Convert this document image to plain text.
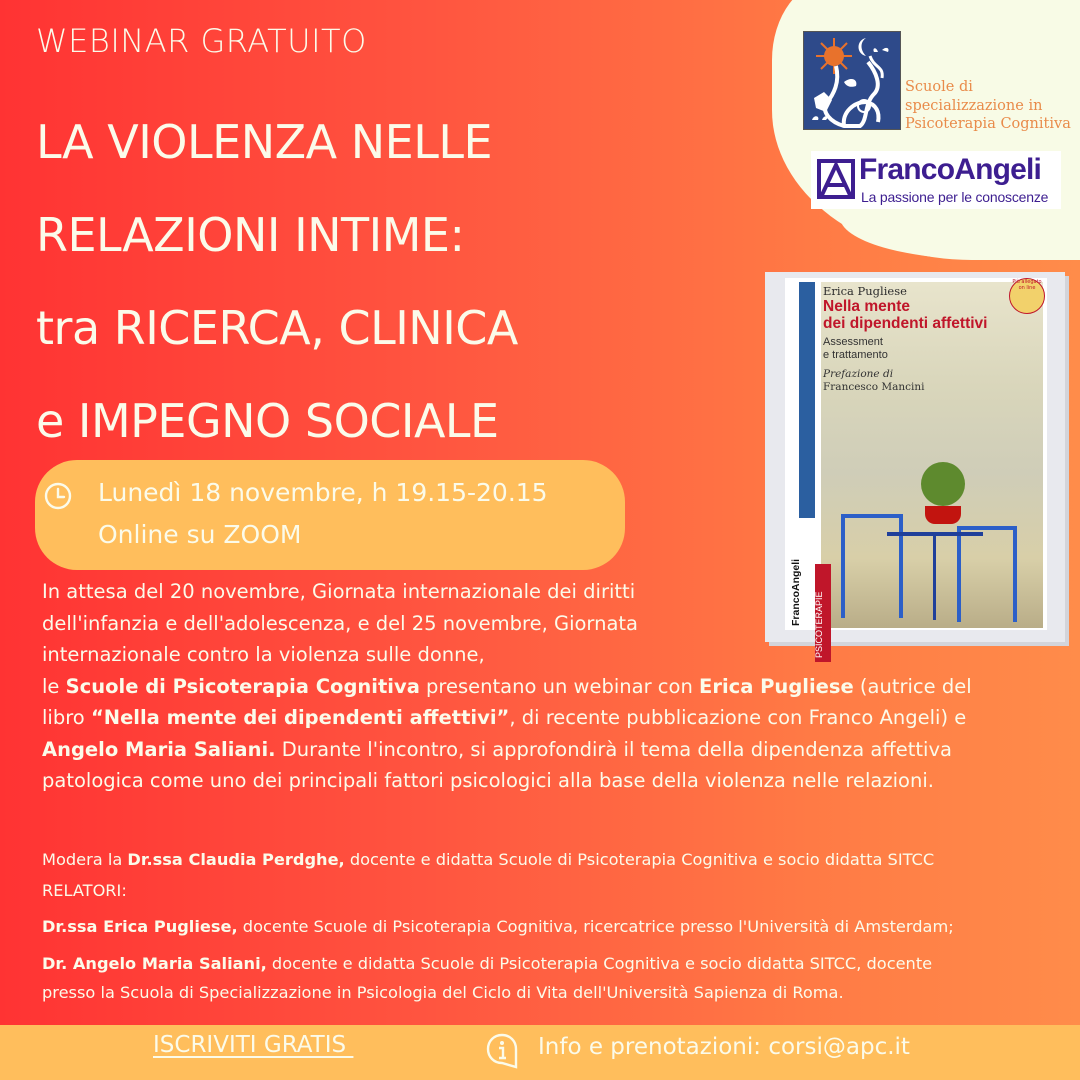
WEBINAR GRATUITO
LA VIOLENZA NELLE
RELAZIONI INTIME:
tra RICERCA, CLINICA
e IMPEGNO SOCIALE
Scuole di
specializzazione in
Psicoterapia Cognitiva
FrancoAngeli
La passione per le conoscenze
Erica Pugliese
Nella mente
dei dipendenti affettivi
Assessment
e trattamento
Prefazione di
Francesco Mancini
Più allegato on line
PSICOTERAPIE
FrancoAngeli
Lunedì 18 novembre, h 19.15-20.15
Online su ZOOM

In attesa del 20 novembre, Giornata internazionale dei diritti

dell'infanzia e dell'adolescenza, e del 25 novembre, Giornata

internazionale contro la violenza sulle donne,

le Scuole di Psicoterapia Cognitiva presentano un webinar con Erica Pugliese (autrice del

libro “Nella mente dei dipendenti affettivi”, di recente pubblicazione con Franco Angeli) e

Angelo Maria Saliani. Durante l'incontro, si approfondirà il tema della dipendenza affettiva

patologica come uno dei principali fattori psicologici alla base della violenza nelle relazioni.

Modera la Dr.ssa Claudia Perdghe, docente e didatta Scuole di Psicoterapia Cognitiva e socio didatta SITCC
RELATORI:
Dr.ssa Erica Pugliese, docente Scuole di Psicoterapia Cognitiva, ricercatrice presso l'Università di Amsterdam;
Dr. Angelo Maria Saliani, docente e didatta Scuole di Psicoterapia Cognitiva e socio didatta SITCC, docente
presso la Scuola di Specializzazione in Psicologia del Ciclo di Vita dell'Università Sapienza di Roma.
ISCRIVITI GRATIS	Info e prenotazioni: corsi@apc.it
